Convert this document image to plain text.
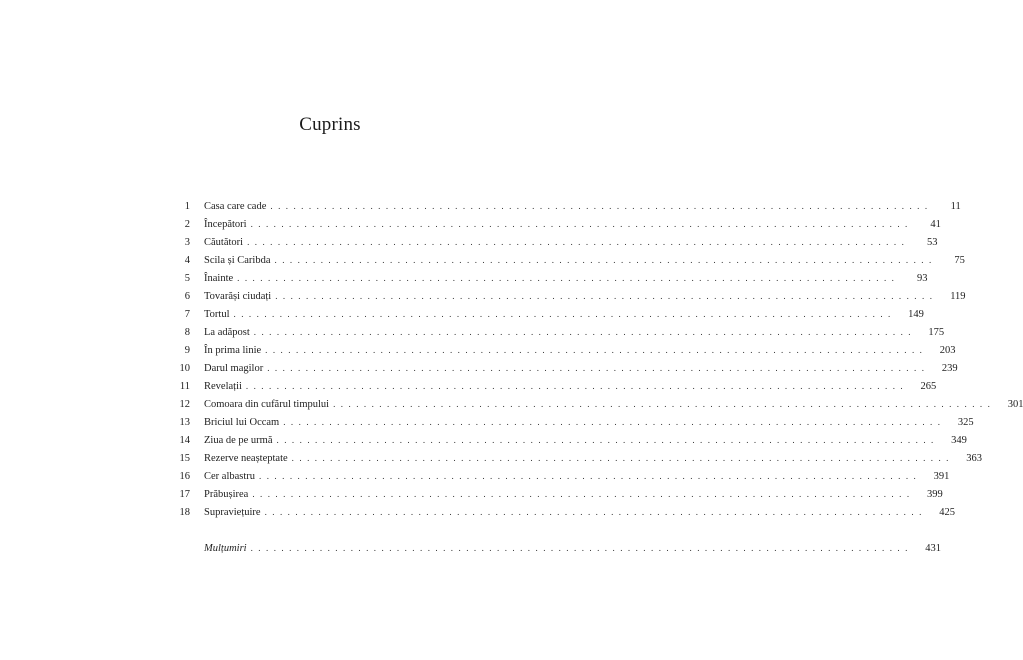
Cuprins
1 Casa care cade . . . . . . . . . . . . . . . . . . . . . . . . . . . . . . . . . . . . . . . . . . . . . . . . . . . . . . . . . . . . . . . . . . . . . . . . . . . . . . . . . . . . . .	11
2 Începători . . . . . . . . . . . . . . . . . . . . . . . . . . . . . . . . . . . . . . . . . . . . . . . . . . . . . . . . . . . . . . . . . . . . . . . . . . . . . . . . . . . . . .	41
3 Căutători . . . . . . . . . . . . . . . . . . . . . . . . . . . . . . . . . . . . . . . . . . . . . . . . . . . . . . . . . . . . . . . . . . . . . . . . . . . . . . . . . . . . . .	53
4 Scila și Caribda . . . . . . . . . . . . . . . . . . . . . . . . . . . . . . . . . . . . . . . . . . . . . . . . . . . . . . . . . . . . . . . . . . . . . . . . . . . . . . . . . . . . . .	75
5 Înainte . . . . . . . . . . . . . . . . . . . . . . . . . . . . . . . . . . . . . . . . . . . . . . . . . . . . . . . . . . . . . . . . . . . . . . . . . . . . . . . . . . . . . .	93
6 Tovarăși ciudați . . . . . . . . . . . . . . . . . . . . . . . . . . . . . . . . . . . . . . . . . . . . . . . . . . . . . . . . . . . . . . . . . . . . . . . . . . . . . . . . . . . . . .	119
7 Tortul . . . . . . . . . . . . . . . . . . . . . . . . . . . . . . . . . . . . . . . . . . . . . . . . . . . . . . . . . . . . . . . . . . . . . . . . . . . . . . . . . . . . . .	149
8 La adăpost . . . . . . . . . . . . . . . . . . . . . . . . . . . . . . . . . . . . . . . . . . . . . . . . . . . . . . . . . . . . . . . . . . . . . . . . . . . . . . . . . . . . . .	175
9 În prima linie . . . . . . . . . . . . . . . . . . . . . . . . . . . . . . . . . . . . . . . . . . . . . . . . . . . . . . . . . . . . . . . . . . . . . . . . . . . . . . . . . . . . . .	203
10 Darul magilor . . . . . . . . . . . . . . . . . . . . . . . . . . . . . . . . . . . . . . . . . . . . . . . . . . . . . . . . . . . . . . . . . . . . . . . . . . . . . . . . . . . . . .	239
11 Revelații . . . . . . . . . . . . . . . . . . . . . . . . . . . . . . . . . . . . . . . . . . . . . . . . . . . . . . . . . . . . . . . . . . . . . . . . . . . . . . . . . . . . . .	265
12 Comoara din cufărul timpului . . . . . . . . . . . . . . . . . . . . . . . . . . . . . . . . . . . . . . . . . . . . . . . . . . . . . . . . . . . . . . . . . . . . . . . . . . . . . . . . . . . . . .	301
13 Briciul lui Occam . . . . . . . . . . . . . . . . . . . . . . . . . . . . . . . . . . . . . . . . . . . . . . . . . . . . . . . . . . . . . . . . . . . . . . . . . . . . . . . . . . . . . .	325
14 Ziua de pe urmă . . . . . . . . . . . . . . . . . . . . . . . . . . . . . . . . . . . . . . . . . . . . . . . . . . . . . . . . . . . . . . . . . . . . . . . . . . . . . . . . . . . . . .	349
15 Rezerve neașteptate . . . . . . . . . . . . . . . . . . . . . . . . . . . . . . . . . . . . . . . . . . . . . . . . . . . . . . . . . . . . . . . . . . . . . . . . . . . . . . . . . . . . . .	363
16 Cer albastru . . . . . . . . . . . . . . . . . . . . . . . . . . . . . . . . . . . . . . . . . . . . . . . . . . . . . . . . . . . . . . . . . . . . . . . . . . . . . . . . . . . . . .	391
17 Prăbușirea . . . . . . . . . . . . . . . . . . . . . . . . . . . . . . . . . . . . . . . . . . . . . . . . . . . . . . . . . . . . . . . . . . . . . . . . . . . . . . . . . . . . . .	399
18 Supraviețuire . . . . . . . . . . . . . . . . . . . . . . . . . . . . . . . . . . . . . . . . . . . . . . . . . . . . . . . . . . . . . . . . . . . . . . . . . . . . . . . . . . . . . .	425
Mulțumiri . . . . . . . . . . . . . . . . . . . . . . . . . . . . . . . . . . . . . . . . . . . . . . . . . . . . . . . . . . . . . . . . . . . . . . . . . . . . . . . . . . . . . .	431
